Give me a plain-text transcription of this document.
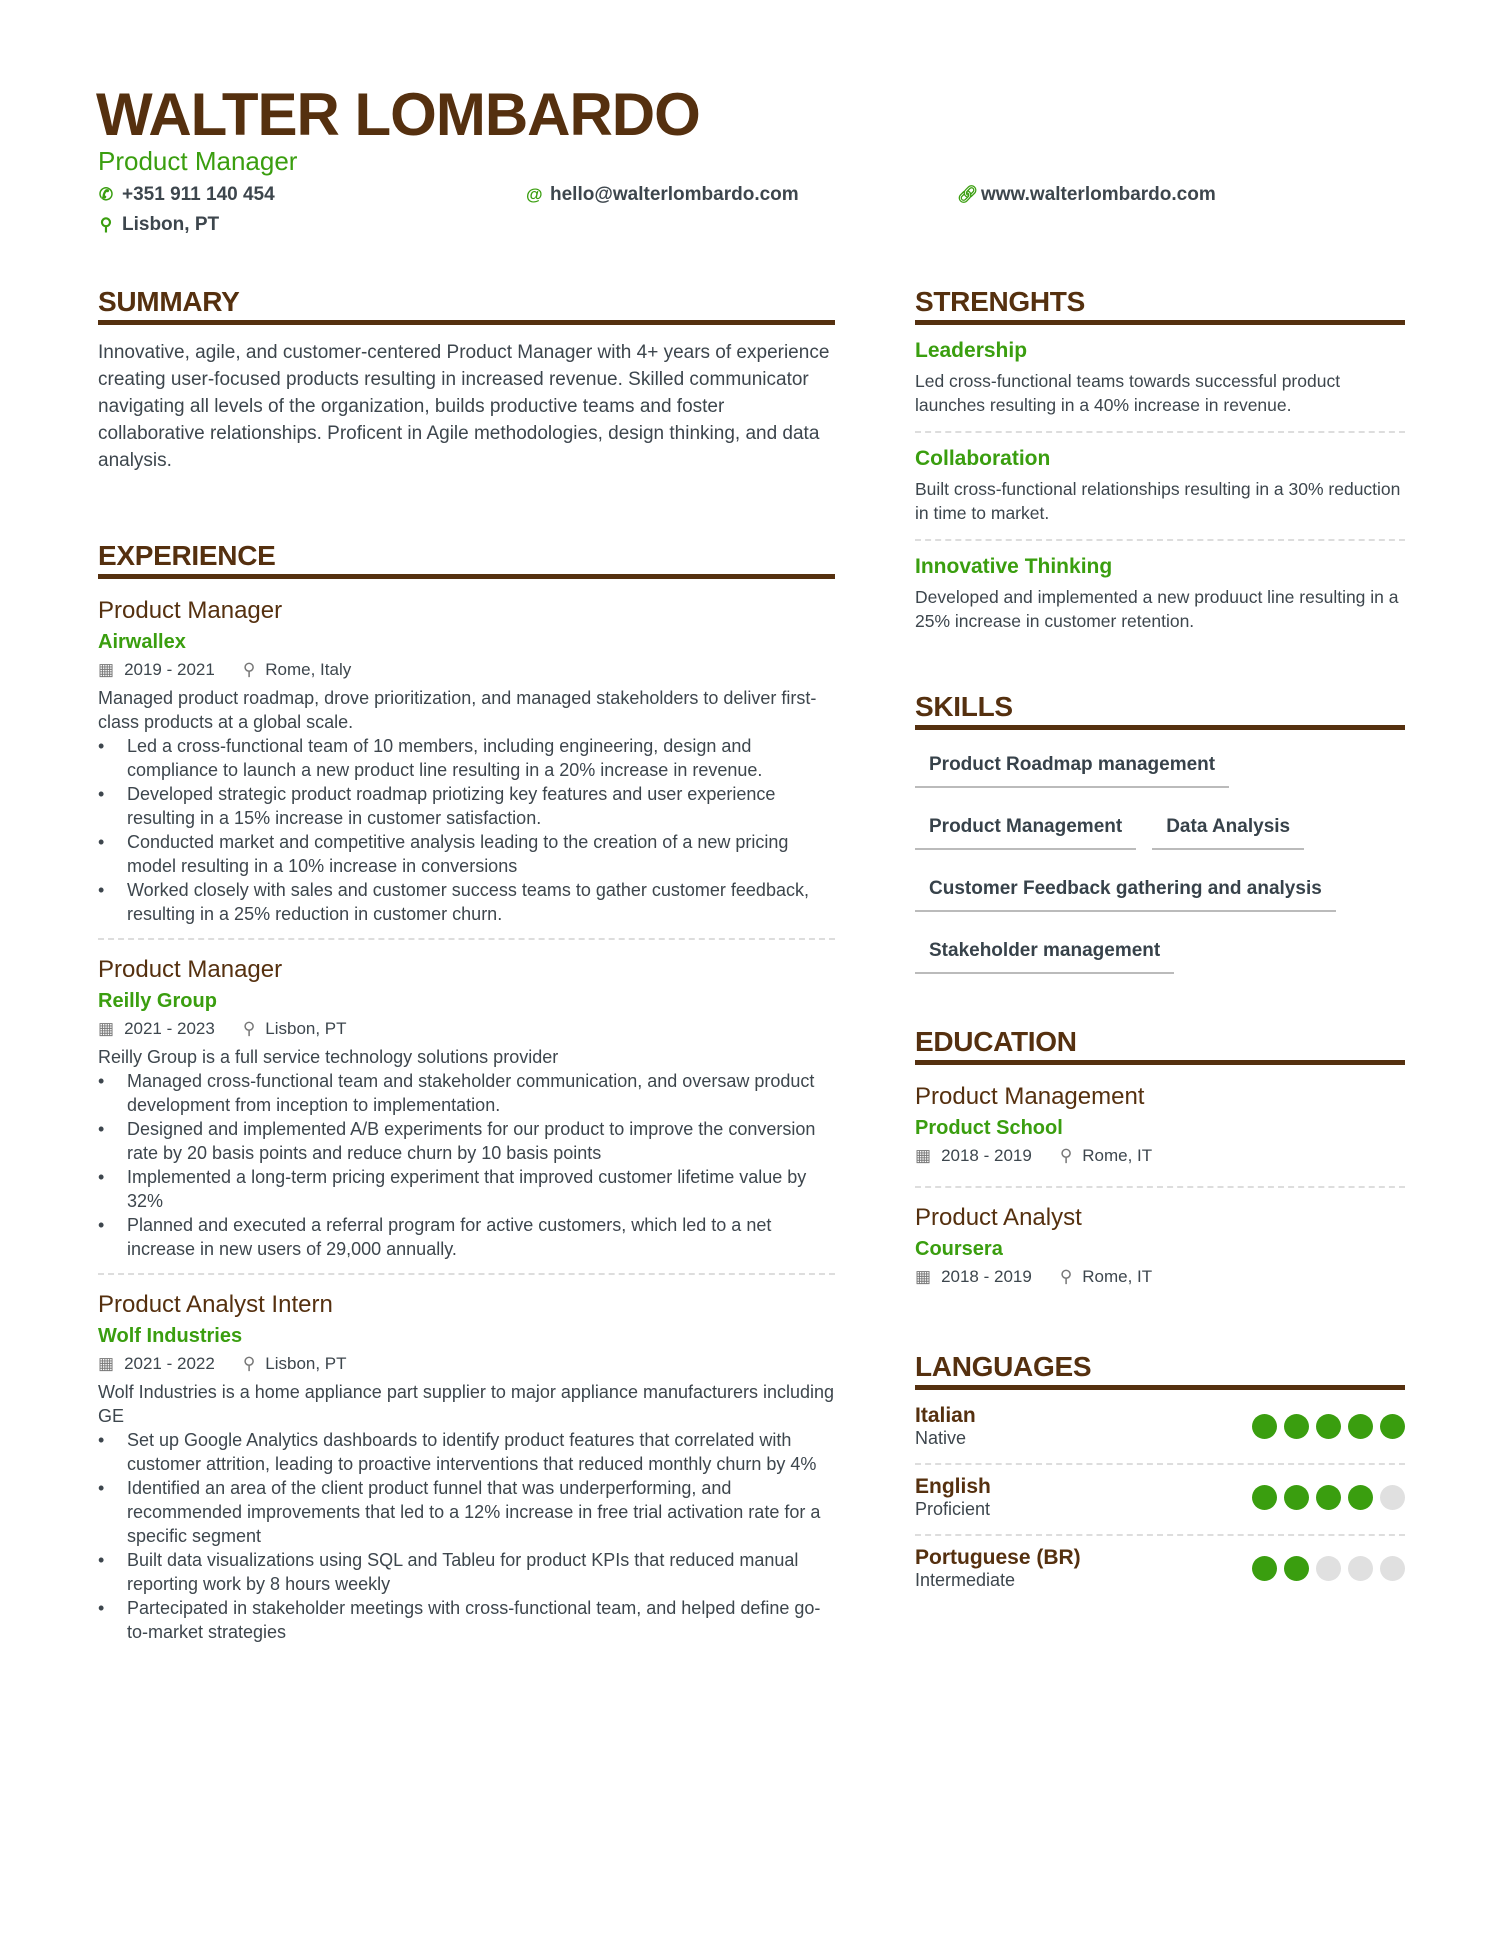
WALTER LOMBARDO
Product Manager
✆ +351 911 140 454	@ hello@walterlombardo.com	🔗︎ www.walterlombardo.com
⚲ Lisbon, PT
SUMMARY
Innovative, agile, and customer-centered Product Manager with 4+ years of experience creating user-focused products resulting in increased revenue. Skilled communicator navigating all levels of the organization, builds productive teams and foster collaborative relationships. Proficent in Agile methodologies, design thinking, and data analysis.
EXPERIENCE
Product Manager
Airwallex
▦ 2019 - 2021 ⚲ Rome, Italy
Managed product roadmap, drove prioritization, and managed stakeholders to deliver first-class products at a global scale.
• Led a cross-functional team of 10 members, including engineering, design and compliance to launch a new product line resulting in a 20% increase in revenue.
• Developed strategic product roadmap priotizing key features and user experience resulting in a 15% increase in customer satisfaction.
• Conducted market and competitive analysis leading to the creation of a new pricing model resulting in a 10% increase in conversions
• Worked closely with sales and customer success teams to gather customer feedback, resulting in a 25% reduction in customer churn.
Product Manager
Reilly Group
▦ 2021 - 2023 ⚲ Lisbon, PT
Reilly Group is a full service technology solutions provider
• Managed cross-functional team and stakeholder communication, and oversaw product development from inception to implementation.
• Designed and implemented A/B experiments for our product to improve the conversion rate by 20 basis points and reduce churn by 10 basis points
• Implemented a long-term pricing experiment that improved customer lifetime value by 32%
• Planned and executed a referral program for active customers, which led to a net increase in new users of 29,000 annually.
Product Analyst Intern
Wolf Industries
▦ 2021 - 2022 ⚲ Lisbon, PT
Wolf Industries is a home appliance part supplier to major appliance manufacturers including GE
• Set up Google Analytics dashboards to identify product features that correlated with customer attrition, leading to proactive interventions that reduced monthly churn by 4%
• Identified an area of the client product funnel that was underperforming, and recommended improvements that led to a 12% increase in free trial activation rate for a specific segment
• Built data visualizations using SQL and Tableu for product KPIs that reduced manual reporting work by 8 hours weekly
• Partecipated in stakeholder meetings with cross-functional team, and helped define go-to-market strategies
STRENGHTS
Leadership
Led cross-functional teams towards successful product launches resulting in a 40% increase in revenue.
Collaboration
Built cross-functional relationships resulting in a 30% reduction in time to market.
Innovative Thinking
Developed and implemented a new produuct line resulting in a 25% increase in customer retention.
SKILLS
Product Roadmap management
Product Management	Data Analysis
Customer Feedback gathering and analysis
Stakeholder management
EDUCATION
Product Management
Product School
▦ 2018 - 2019 ⚲ Rome, IT
Product Analyst
Coursera
▦ 2018 - 2019 ⚲ Rome, IT
LANGUAGES
Italian
Native
English
Proficient
Portuguese (BR)
Intermediate
